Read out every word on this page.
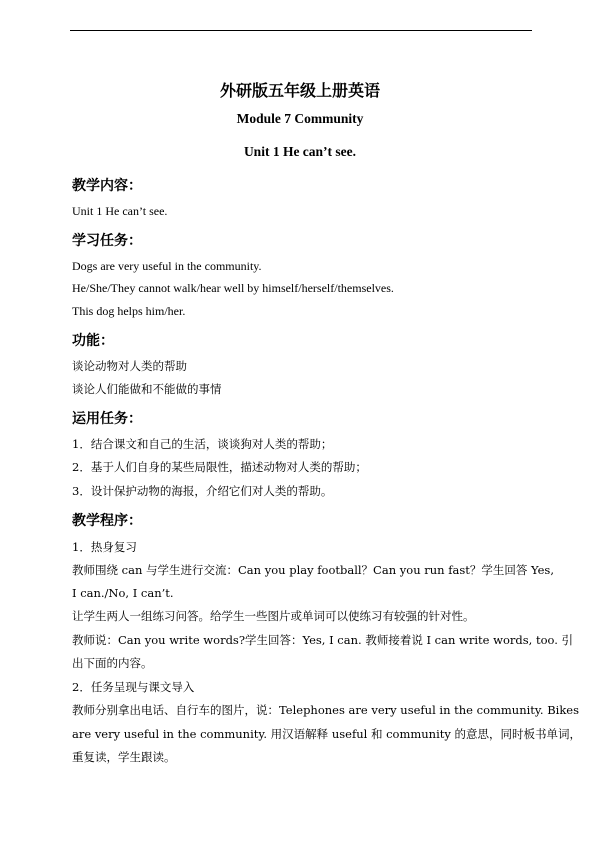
外研版五年级上册英语
Module 7 Community
Unit 1 He can’t see.
教学内容：
Unit 1 He can’t see.
学习任务：
Dogs are very useful in the community.
He/She/They cannot walk/hear well by himself/herself/themselves.
This dog helps him/her.
功能：
谈论动物对人类的帮助
谈论人们能做和不能做的事情
运用任务：
1．结合课文和自己的生活，谈谈狗对人类的帮助；
2．基于人们自身的某些局限性，描述动物对人类的帮助；
3．设计保护动物的海报，介绍它们对人类的帮助。
教学程序：
1．热身复习
教师围绕 can 与学生进行交流：Can you play football？Can you run fast？学生回答 Yes,
I can./No, I can’t.
让学生两人一组练习问答。给学生一些图片或单词可以使练习有较强的针对性。
教师说：Can you write words?学生回答：Yes, I can. 教师接着说 I can write words, too. 引
出下面的内容。
2．任务呈现与课文导入
教师分别拿出电话、自行车的图片，说：Telephones are very useful in the community. Bikes
are very useful in the community. 用汉语解释 useful 和 community 的意思，同时板书单词，
重复读，学生跟读。
